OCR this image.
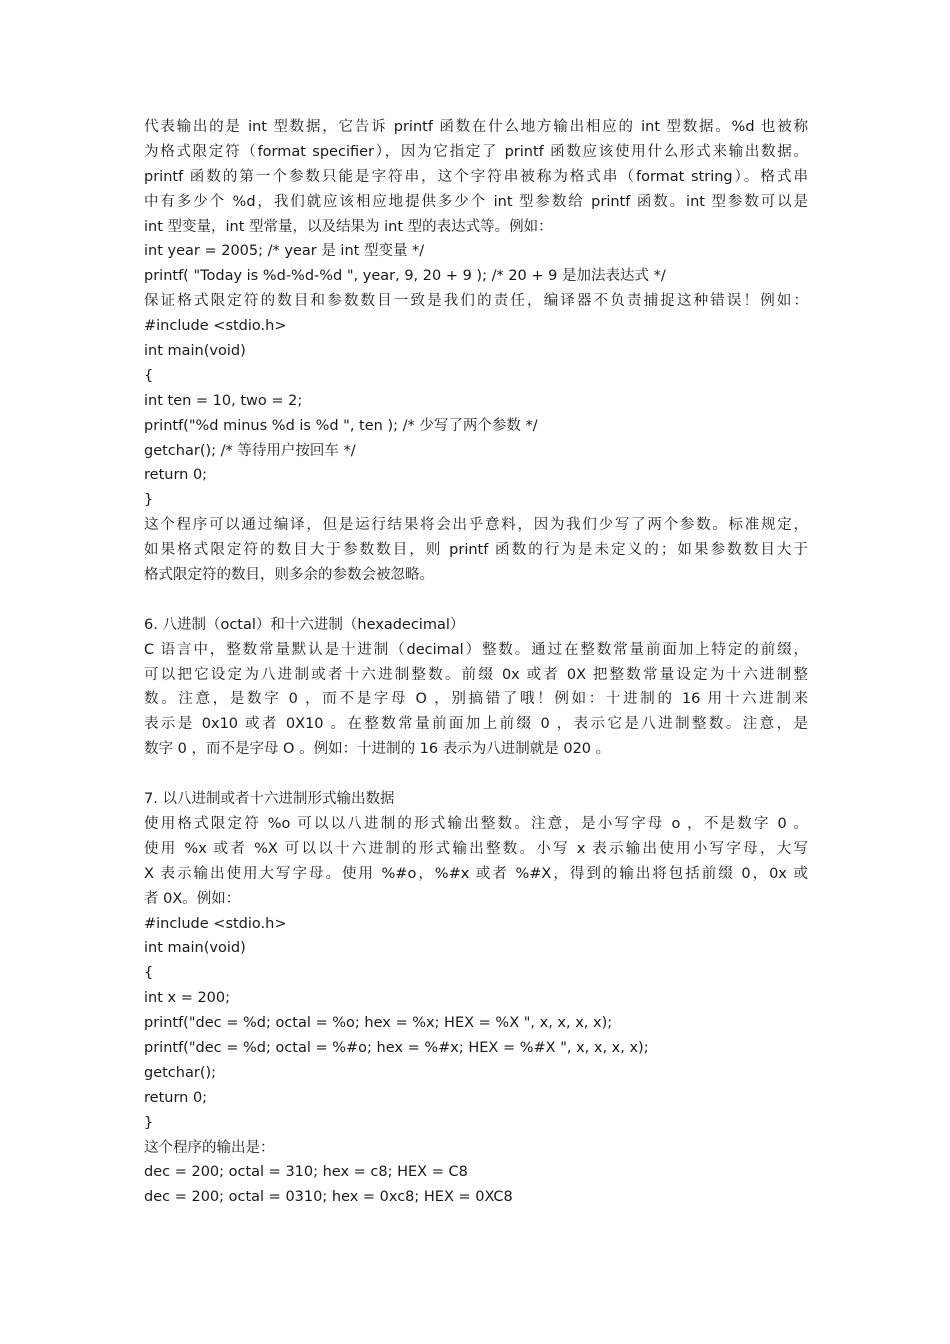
代表输出的是 int 型数据，它告诉 printf 函数在什么地方输出相应的 int 型数据。%d 也被称
为格式限定符（format specifier），因为它指定了 printf 函数应该使用什么形式来输出数据。
printf 函数的第一个参数只能是字符串，这个字符串被称为格式串（format string）。格式串
中有多少个 %d，我们就应该相应地提供多少个 int 型参数给 printf 函数。int 型参数可以是
int 型变量，int 型常量，以及结果为 int 型的表达式等。例如：
int year = 2005; /* year 是 int 型变量 */
printf( "Today is %d-%d-%d ", year, 9, 20 + 9 ); /* 20 + 9 是加法表达式 */
保证格式限定符的数目和参数数目一致是我们的责任，编译器不负责捕捉这种错误！例如：
#include <stdio.h>
int main(void)
{
int ten = 10, two = 2;
printf("%d minus %d is %d ", ten ); /* 少写了两个参数 */
getchar(); /* 等待用户按回车 */
return 0;
}
这个程序可以通过编译，但是运行结果将会出乎意料，因为我们少写了两个参数。标准规定，
如果格式限定符的数目大于参数数目，则 printf 函数的行为是未定义的；如果参数数目大于
格式限定符的数目，则多余的参数会被忽略。
6. 八进制（octal）和十六进制（hexadecimal）
C 语言中，整数常量默认是十进制（decimal）整数。通过在整数常量前面加上特定的前缀，
可以把它设定为八进制或者十六进制整数。前缀 0x 或者 0X 把整数常量设定为十六进制整
数。注意，是数字 0 ，而不是字母 O ，别搞错了哦！例如：十进制的 16 用十六进制来
表示是 0x10 或者 0X10 。在整数常量前面加上前缀 0 ，表示它是八进制整数。注意，是
数字 0 ，而不是字母 O 。例如：十进制的 16 表示为八进制就是 020 。
7. 以八进制或者十六进制形式输出数据
使用格式限定符 %o 可以以八进制的形式输出整数。注意，是小写字母 o ，不是数字 0 。
使用 %x 或者 %X 可以以十六进制的形式输出整数。小写 x 表示输出使用小写字母，大写
X 表示输出使用大写字母。使用 %#o，%#x 或者 %#X，得到的输出将包括前缀 0，0x 或
者 0X。例如：
#include <stdio.h>
int main(void)
{
int x = 200;
printf("dec = %d; octal = %o; hex = %x; HEX = %X ", x, x, x, x);
printf("dec = %d; octal = %#o; hex = %#x; HEX = %#X ", x, x, x, x);
getchar();
return 0;
}
这个程序的输出是：
dec = 200; octal = 310; hex = c8; HEX = C8
dec = 200; octal = 0310; hex = 0xc8; HEX = 0XC8
